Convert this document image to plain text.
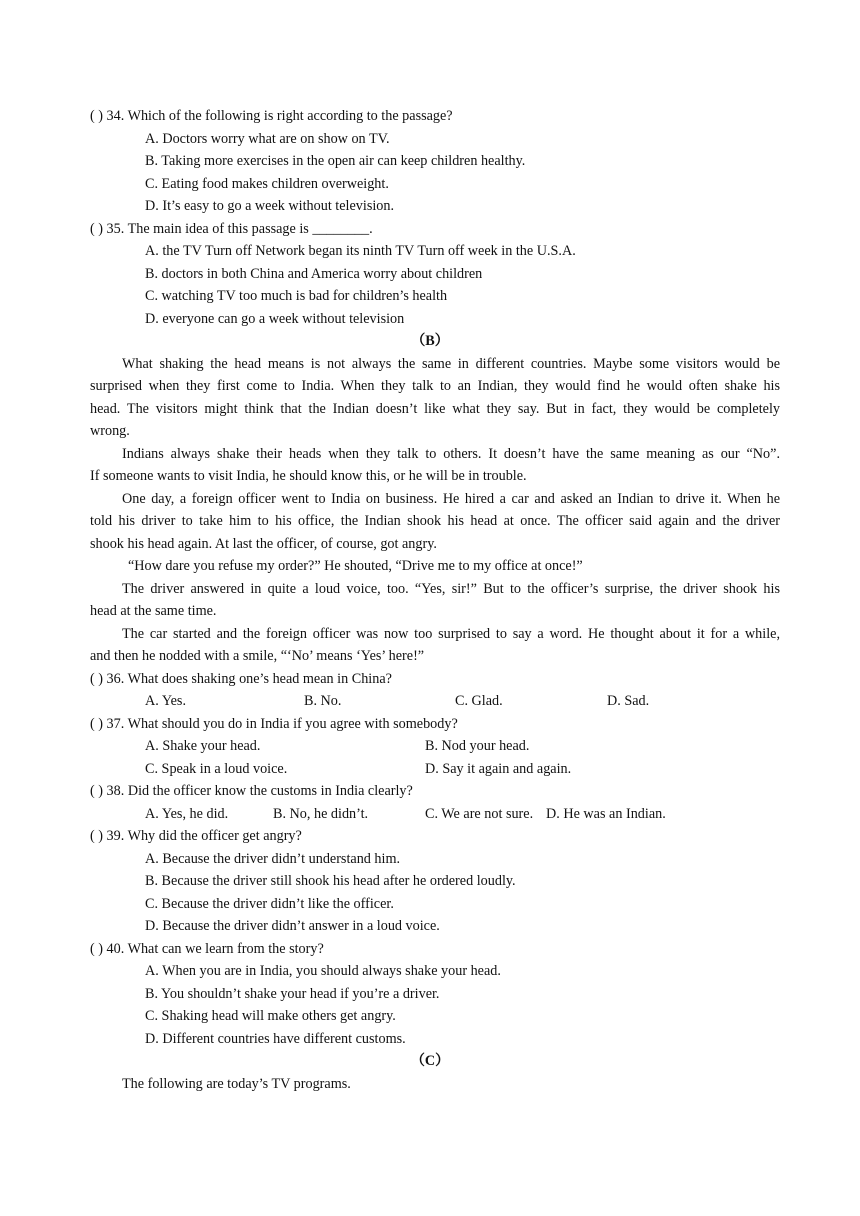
( ) 34. Which of the following is right according to the passage?
A. Doctors worry what are on show on TV.
B. Taking more exercises in the open air can keep children healthy.
C. Eating food makes children overweight.
D. It’s easy to go a week without television.
( ) 35. The main idea of this passage is ________.
A. the TV Turn off Network began its ninth TV Turn off week in the U.S.A.
B. doctors in both China and America worry about children
C. watching TV too much is bad for children’s health
D. everyone can go a week without television
（B）
What shaking the head means is not always the same in different countries. Maybe some visitors would be
surprised when they first come to India. When they talk to an Indian, they would find he would often shake his
head. The visitors might think that the Indian doesn’t like what they say. But in fact, they would be completely
wrong.
Indians always shake their heads when they talk to others. It doesn’t have the same meaning as our “No”.
If someone wants to visit India, he should know this, or he will be in trouble.
One day, a foreign officer went to India on business. He hired a car and asked an Indian to drive it. When he
told his driver to take him to his office, the Indian shook his head at once. The officer said again and the driver
shook his head again. At last the officer, of course, got angry.
“How dare you refuse my order?” He shouted, “Drive me to my office at once!”
The driver answered in quite a loud voice, too. “Yes, sir!” But to the officer’s surprise, the driver shook his
head at the same time.
The car started and the foreign officer was now too surprised to say a word. He thought about it for a while,
and then he nodded with a smile, “‘No’ means ‘Yes’ here!”
( ) 36. What does shaking one’s head mean in China?
A. Yes.	B. No.	C. Glad.	D. Sad.
( ) 37. What should you do in India if you agree with somebody?
A. Shake your head.	B. Nod your head.
C. Speak in a loud voice.	D. Say it again and again.
( ) 38. Did the officer know the customs in India clearly?
A. Yes, he did.	B. No, he didn’t.	C. We are not sure. D. He was an Indian.
( ) 39. Why did the officer get angry?
A. Because the driver didn’t understand him.
B. Because the driver still shook his head after he ordered loudly.
C. Because the driver didn’t like the officer.
D. Because the driver didn’t answer in a loud voice.
( ) 40. What can we learn from the story?
A. When you are in India, you should always shake your head.
B. You shouldn’t shake your head if you’re a driver.
C. Shaking head will make others get angry.
D. Different countries have different customs.
（C）
The following are today’s TV programs.
